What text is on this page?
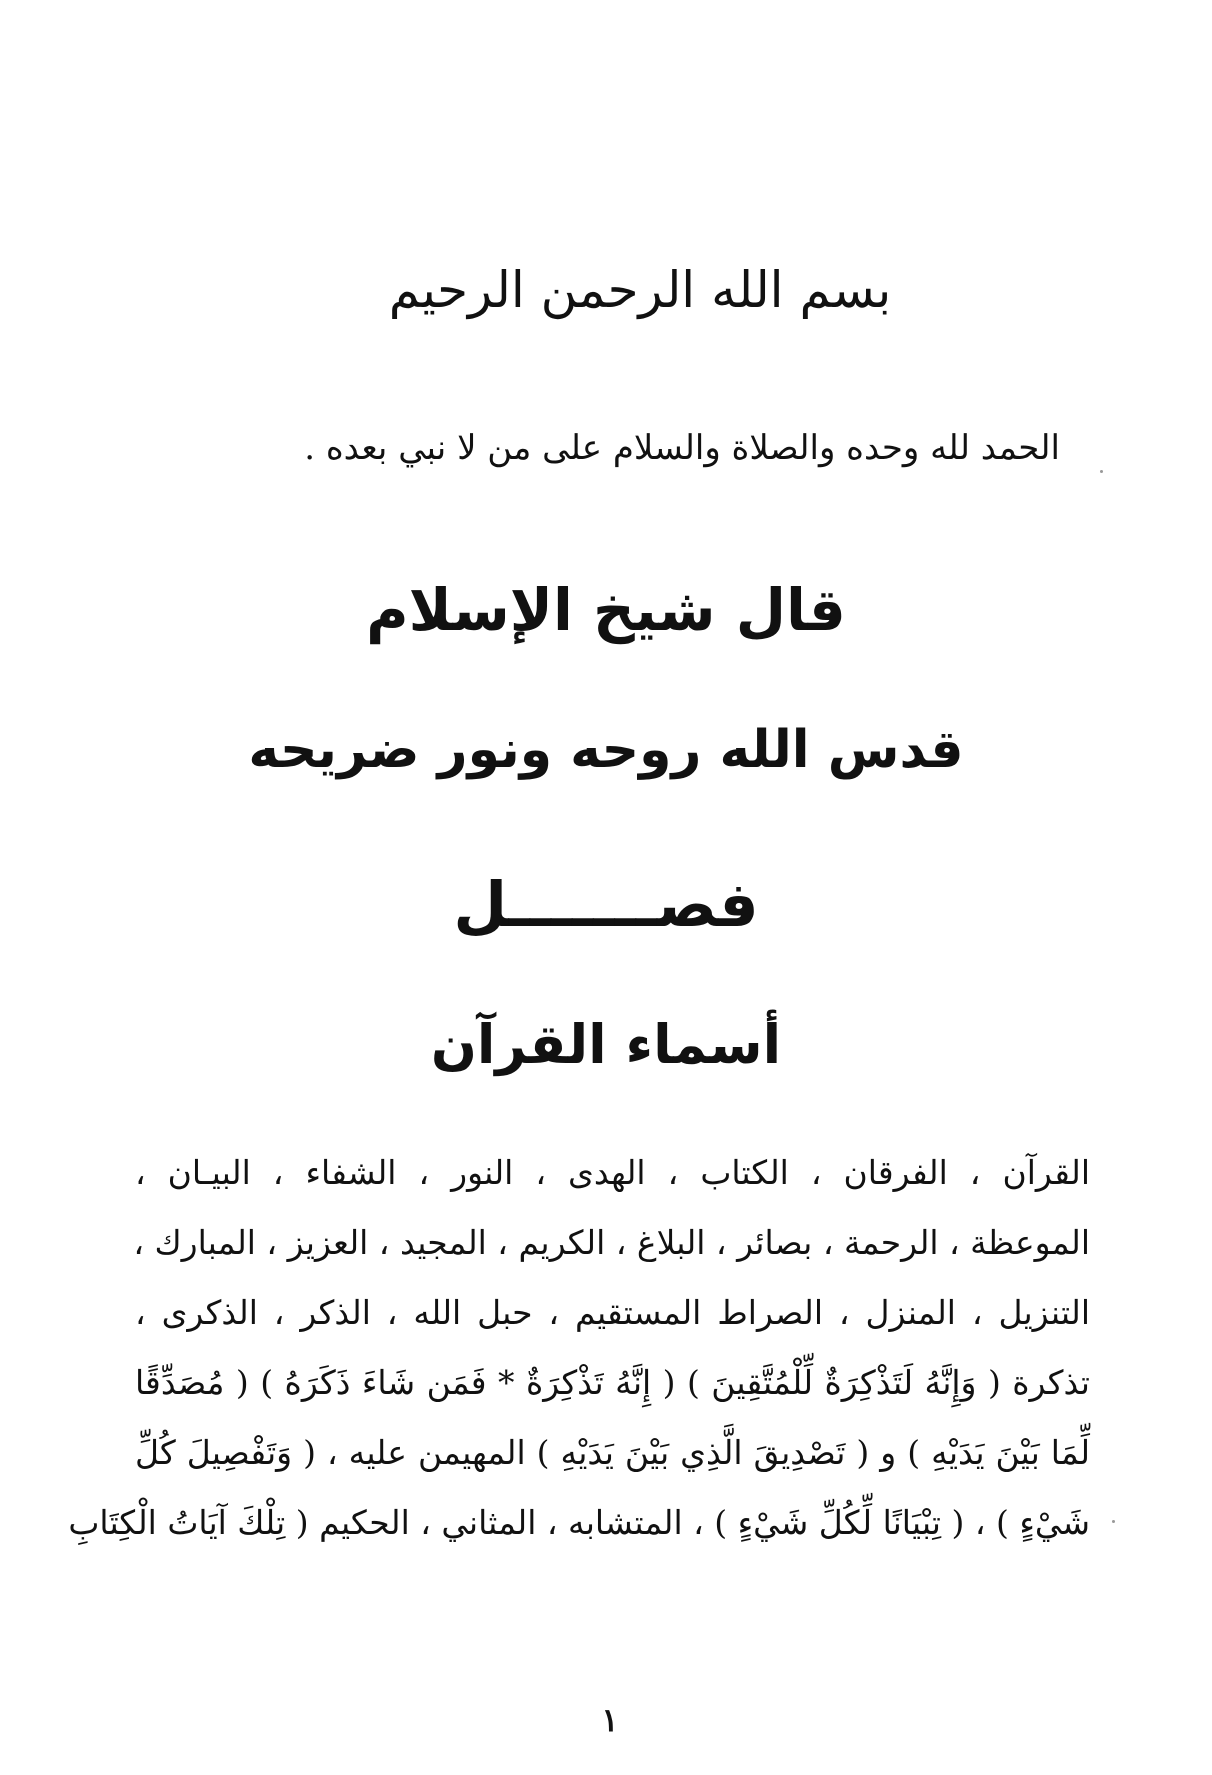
بسم الله الرحمن الرحيم
الحمد لله وحده والصلاة والسلام على من لا نبي بعده .
قال شيخ الإسلام
قدس الله روحه ونور ضريحه
فصـــــــل
أسماء القرآن
القرآن ، الفرقان ، الكتاب ، الهدى ، النور ، الشفاء ، البيـان ،
الموعظة ، الرحمة ، بصائر ، البلاغ ، الكريم ، المجيد ، العزيز ، المبارك ،
التنزيل ، المنزل ، الصراط المستقيم ، حبل الله ، الذكر ، الذكرى ،
تذكرة ( وَإِنَّهُ لَتَذْكِرَةٌ لِّلْمُتَّقِينَ ) ( إِنَّهُ تَذْكِرَةٌ * فَمَن شَاءَ ذَكَرَهُ ) ( مُصَدِّقًا
لِّمَا بَيْنَ يَدَيْهِ ) و ( تَصْدِيقَ الَّذِي بَيْنَ يَدَيْهِ ) المهيمن عليه ، ( وَتَفْصِيلَ كُلِّ
شَيْءٍ ) ، ( تِبْيَانًا لِّكُلِّ شَيْءٍ ) ، المتشابه ، المثاني ، الحكيم ( تِلْكَ آيَاتُ الْكِتَابِ
١
